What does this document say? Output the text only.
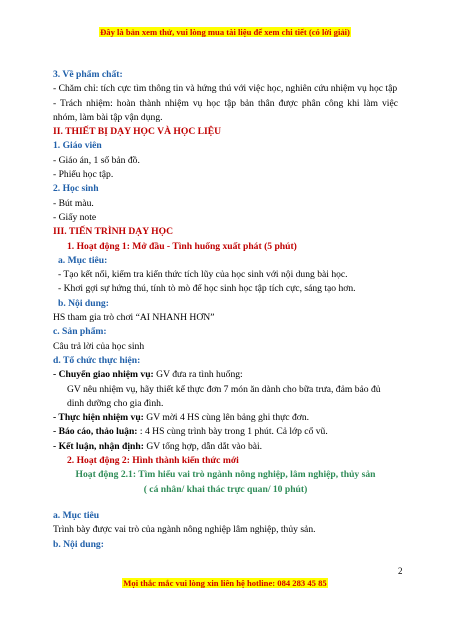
Đây là bản xem thử, vui lòng mua tài liệu để xem chi tiết (có lời giải)

3. Về phẩm chất:

- Chăm chỉ: tích cực tìm thông tin và hứng thú với việc học, nghiên cứu nhiệm vụ học tập

- Trách nhiệm: hoàn thành nhiệm vụ học tập bản thân được phân công khi làm việc nhóm, làm bài tập vận dụng.

II. THIẾT BỊ DẠY HỌC VÀ HỌC LIỆU

1. Giáo viên

- Giáo án, 1 số bản đồ.

- Phiếu học tập.

2. Học sinh

- Bút màu.

- Giấy note

III. TIẾN TRÌNH DẠY HỌC

1. Hoạt động 1: Mở đầu - Tình huống xuất phát (5 phút)

a. Mục tiêu:

- Tạo kết nối, kiểm tra kiến thức tích lũy của học sinh với nội dung bài học.

- Khơi gợi sự hứng thú, tính tò mò để học sinh học tập tích cực, sáng tạo hơn.

b. Nội dung:

HS tham gia trò chơi “AI NHANH HƠN”

c. Sản phẩm:

Câu trả lời của học sinh

d. Tổ chức thực hiện:

- Chuyển giao nhiệm vụ: GV đưa ra tình huống:

GV nêu nhiệm vụ, hãy thiết kế thực đơn 7 món ăn dành cho bữa trưa, đảm bảo đủ dinh dưỡng cho gia đình.

- Thực hiện nhiệm vụ: GV mời 4 HS cùng lên bảng ghi thực đơn.

- Báo cáo, thảo luận: : 4 HS cùng trình bày trong 1 phút. Cả lớp cổ vũ.

- Kết luận, nhận định: GV tổng hợp, dẫn dắt vào bài.

2. Hoạt động 2: Hình thành kiến thức mới

Hoạt động 2.1: Tìm hiểu vai trò ngành nông nghiệp, lâm nghiệp, thủy sản

( cá nhân/ khai thác trực quan/ 10 phút)

a. Mục tiêu

Trình bày được vai trò của ngành nông nghiệp lâm nghiệp, thủy sản.

b. Nội dung:

2
Mọi thắc mắc vui lòng xin liên hệ hotline: 084 283 45 85
